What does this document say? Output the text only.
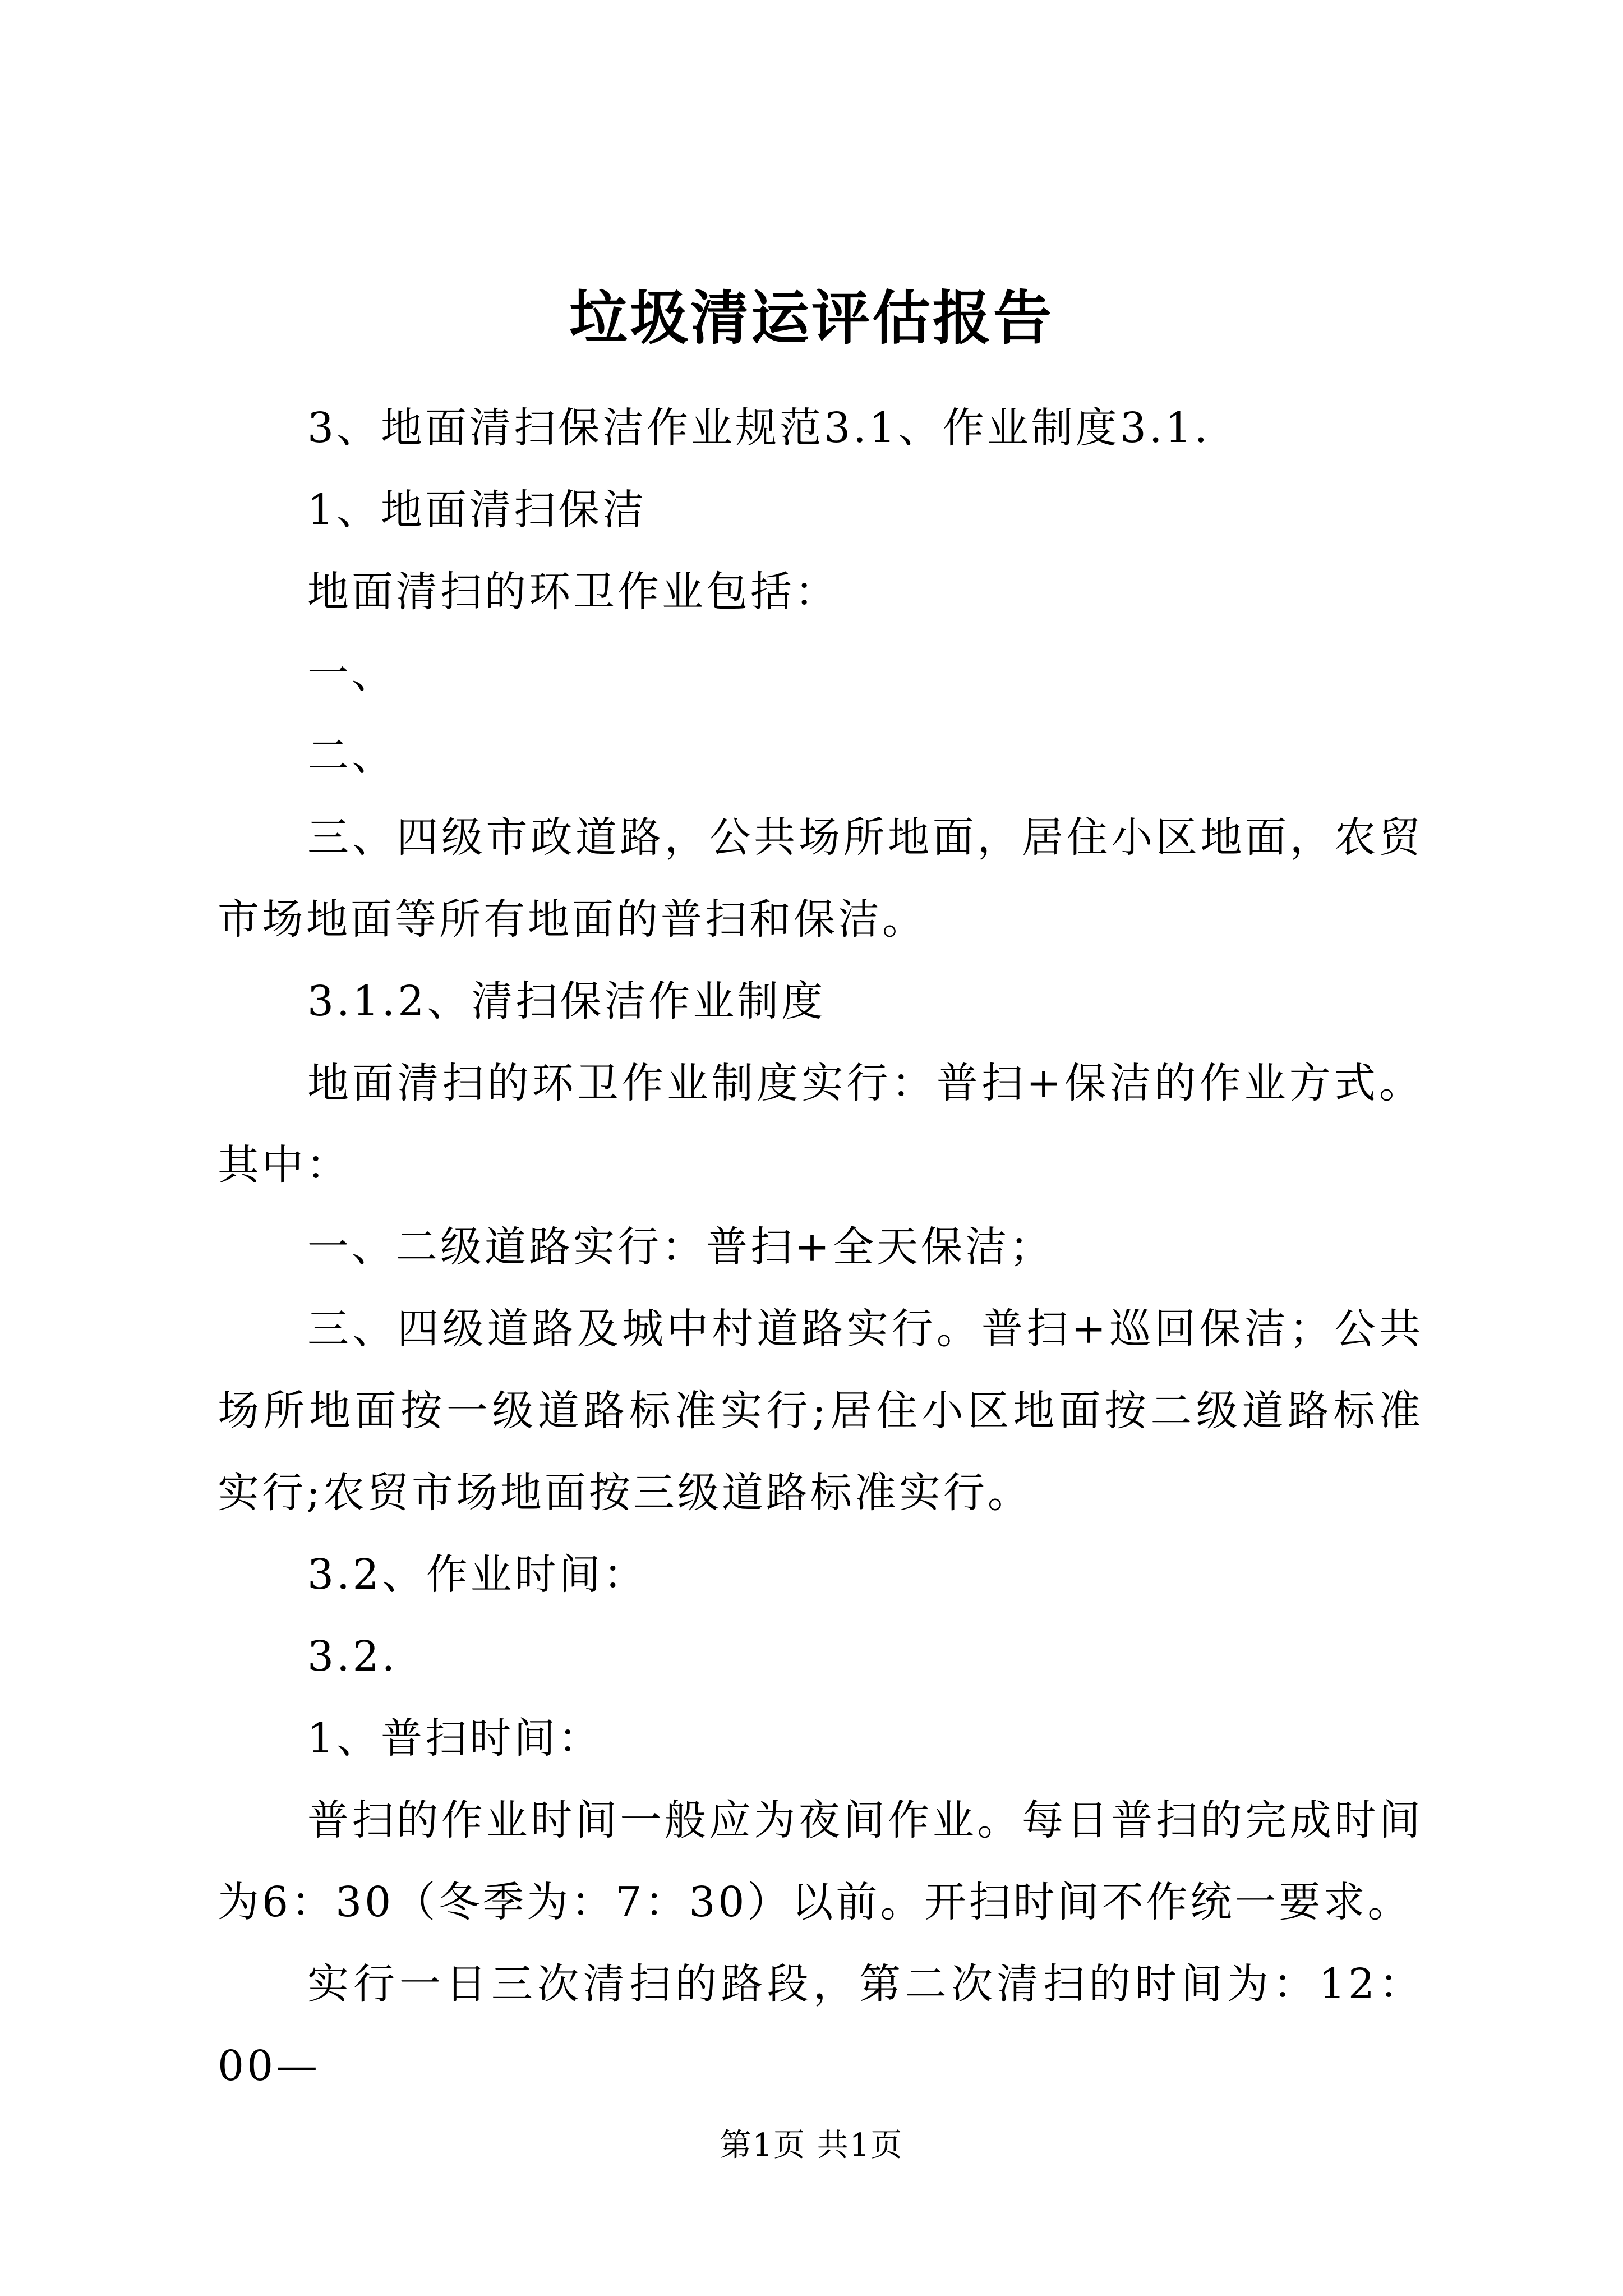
垃圾清运评估报告

3、地面清扫保洁作业规范3.1、作业制度3.1.

1、地面清扫保洁

地面清扫的环卫作业包括：

一、

二、

三、四级市政道路，公共场所地面，居住小区地面，农贸市场地面等所有地面的普扫和保洁。

3.1.2、清扫保洁作业制度

地面清扫的环卫作业制度实行：普扫+保洁的作业方式。其中：

一、二级道路实行：普扫+全天保洁；

三、四级道路及城中村道路实行。普扫+巡回保洁；公共场所地面按一级道路标准实行;居住小区地面按二级道路标准实行;农贸市场地面按三级道路标准实行。

3.2、作业时间：

3.2.

1、普扫时间：

普扫的作业时间一般应为夜间作业。每日普扫的完成时间为6：30（冬季为：7：30）以前。开扫时间不作统一要求。

实行一日三次清扫的路段，第二次清扫的时间为：12：00—

第1页 共1页
